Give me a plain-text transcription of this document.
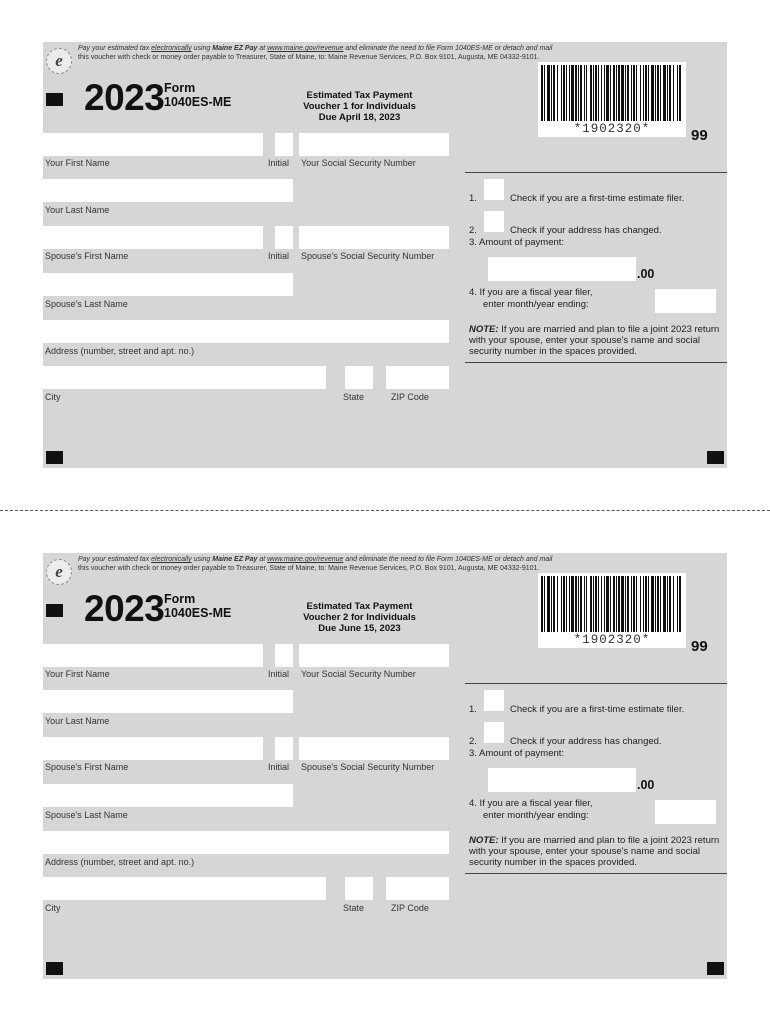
e
Pay your estimated tax electronically using Maine EZ Pay at www.maine.gov/revenue and eliminate the need to file Form 1040ES-ME or detach and mail
this voucher with check or money order payable to Treasurer, State of Maine, to: Maine Revenue Services, P.O. Box 9101, Augusta, ME 04332-9101.
2023 Form
1040ES-ME	Estimated Tax Payment
Voucher 1 for Individuals
Due April 18, 2023
*1902320*	99
Your First Name	Initial Your Social Security Number
Your Last Name
Spouse's First Name	Initial Spouse's Social Security Number
Spouse's Last Name
Address (number, street and apt. no.)
City	State	ZIP Code
1.	Check if you are a first-time estimate filer.
2.	Check if your address has changed.
3. Amount of payment:
.00
4. If you are a fiscal year filer,
enter month/year ending:
NOTE: If you are married and plan to file a joint 2023 return with your spouse, enter your spouse's name and social security number in the spaces provided.
e
Pay your estimated tax electronically using Maine EZ Pay at www.maine.gov/revenue and eliminate the need to file Form 1040ES-ME or detach and mail
this voucher with check or money order payable to Treasurer, State of Maine, to: Maine Revenue Services, P.O. Box 9101, Augusta, ME 04332-9101.
2023 Form
1040ES-ME	Estimated Tax Payment
Voucher 2 for Individuals
Due June 15, 2023
*1902320*	99
Your First Name	Initial Your Social Security Number
Your Last Name
Spouse's First Name	Initial Spouse's Social Security Number
Spouse's Last Name
Address (number, street and apt. no.)
City	State	ZIP Code
1.	Check if you are a first-time estimate filer.
2.	Check if your address has changed.
3. Amount of payment:
.00
4. If you are a fiscal year filer,
enter month/year ending:
NOTE: If you are married and plan to file a joint 2023 return with your spouse, enter your spouse's name and social security number in the spaces provided.
